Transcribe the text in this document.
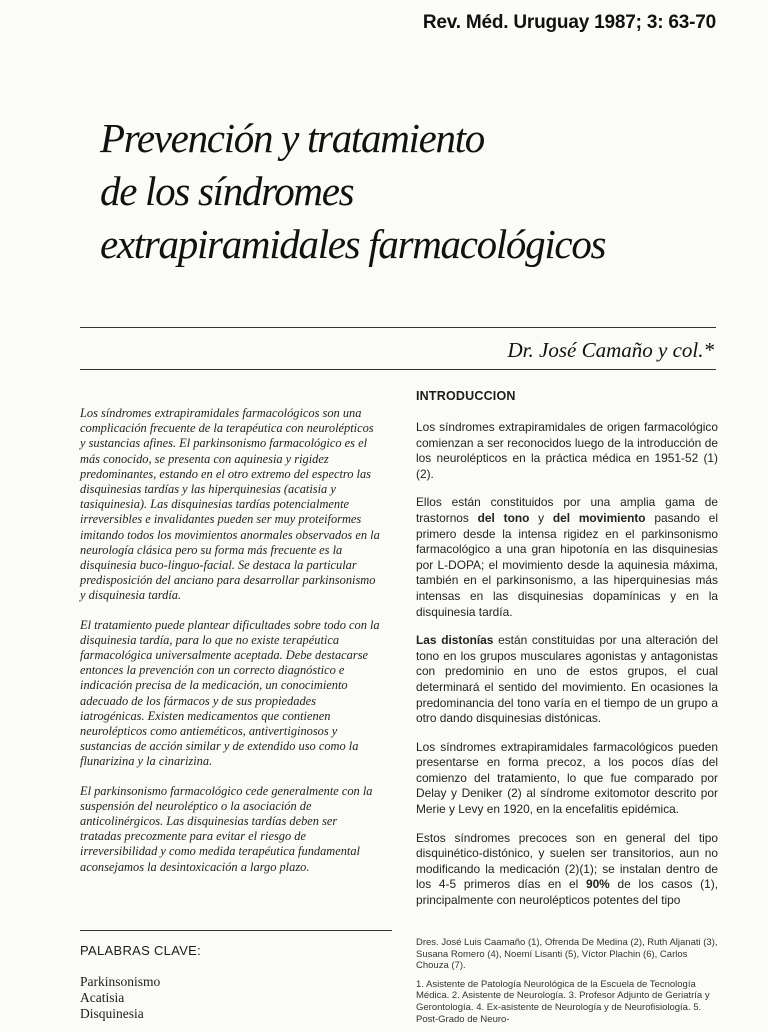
Rev. Méd. Uruguay 1987; 3: 63-70
Prevención y tratamiento
de los síndromes
extrapiramidales farmacológicos
Dr. José Camaño y col.*

Los síndromes extrapiramidales farmacológicos son una complicación frecuente de la terapéutica con neurolépticos y sustancias afines. El parkinsonismo farmacológico es el más conocido, se presenta con aquinesia y rigidez predominantes, estando en el otro extremo del espectro las disquinesias tardías y las hiperquinesias (acatisia y tasiquinesia). Las disquinesias tardías potencialmente irreversibles e invalidantes pueden ser muy proteiformes imitando todos los movimientos anormales observados en la neurología clásica pero su forma más frecuente es la disquinesia buco-linguo-facial. Se destaca la particular predisposición del anciano para desarrollar parkinsonismo y disquinesia tardía.

El tratamiento puede plantear dificultades sobre todo con la disquinesia tardía, para lo que no existe terapéutica farmacológica universalmente aceptada. Debe destacarse entonces la prevención con un correcto diagnóstico e indicación precisa de la medicación, un conocimiento adecuado de los fármacos y de sus propiedades iatrogénicas. Existen medicamentos que contienen neurolépticos como antieméticos, antivertiginosos y sustancias de acción similar y de extendido uso como la flunarizina y la cinarizina.

El parkinsonismo farmacológico cede generalmente con la suspensión del neuroléptico o la asociación de anticolinérgicos. Las disquinesias tardías deben ser tratadas precozmente para evitar el riesgo de irreversibilidad y como medida terapéutica fundamental aconsejamos la desintoxicación a largo plazo.

PALABRAS CLAVE:
Parkinsonismo
Acatisia
Disquinesia
INTRODUCCION

Los síndromes extrapiramidales de origen farmacológico comienzan a ser reconocidos luego de la introducción de los neurolépticos en la práctica médica en 1951-52 (1)(2).

Ellos están constituidos por una amplia gama de trastornos del tono y del movimiento pasando el primero desde la intensa rigidez en el parkinsonismo farmacológico a una gran hipotonía en las disquinesias por L-DOPA; el movimiento desde la aquinesia máxima, también en el parkinsonismo, a las hiperquinesias más intensas en las disquinesias dopamínicas y en la disquinesia tardía.

Las distonías están constituidas por una alteración del tono en los grupos musculares agonistas y antagonistas con predominio en uno de estos grupos, el cual determinará el sentido del movimiento. En ocasiones la predominancia del tono varía en el tiempo de un grupo a otro dando disquinesias distónicas.

Los síndromes extrapiramidales farmacológicos pueden presentarse en forma precoz, a los pocos días del comienzo del tratamiento, lo que fue comparado por Delay y Deniker (2) al síndrome exitomotor descrito por Merie y Levy en 1920, en la encefalitis epidémica.

Estos síndromes precoces son en general del tipo disquinético-distónico, y suelen ser transitorios, aun no modificando la medicación (2)(1); se instalan dentro de los 4-5 primeros días en el 90% de los casos (1), principalmente con neurolépticos potentes del tipo

Dres. José Luis Caamaño (1), Ofrenda De Medina (2), Ruth Aljanati (3), Susana Romero (4), Noemí Lisanti (5), Víctor Plachin (6), Carlos Chouza (7).

1. Asistente de Patología Neurológica de la Escuela de Tecnología Médica. 2. Asistente de Neurología. 3. Profesor Adjunto de Geriatría y Gerontología. 4. Ex-asistente de Neurología y de Neurofisiología. 5. Post-Grado de Neuro-
